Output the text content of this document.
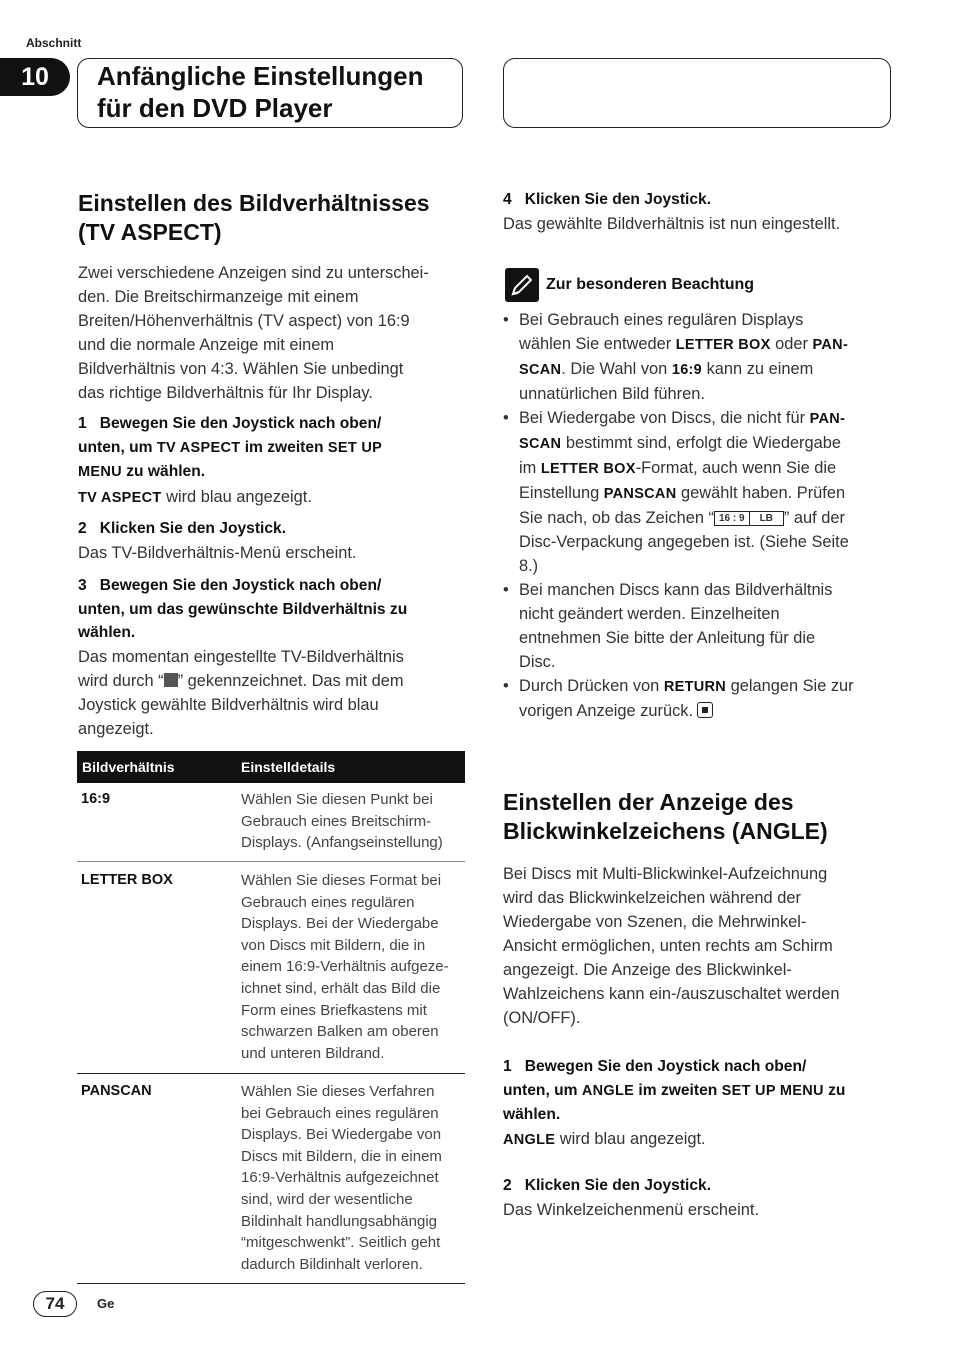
Abschnitt
10	Anfängliche Einstellungen
für den DVD Player
Einstellen des Bildverhältnisses
(TV ASPECT)
Zwei verschiedene Anzeigen sind zu unterschei-
den. Die Breitschirmanzeige mit einem
Breiten/Höhenverhältnis (TV aspect) von 16:9
und die normale Anzeige mit einem
Bildverhältnis von 4:3. Wählen Sie unbedingt
das richtige Bildverhältnis für Ihr Display.
1 Bewegen Sie den Joystick nach oben/
unten, um TV ASPECT im zweiten SET UP
MENU zu wählen.
TV ASPECT wird blau angezeigt.
2 Klicken Sie den Joystick.
Das TV-Bildverhältnis-Menü erscheint.
3 Bewegen Sie den Joystick nach oben/
unten, um das gewünschte Bildverhältnis zu
wählen.
Das momentan eingestellte TV-Bildverhältnis
wird durch “ ” gekennzeichnet. Das mit dem
Joystick gewählte Bildverhältnis wird blau
angezeigt.
Bildverhältnis	Einstelldetails
16:9	Wählen Sie diesen Punkt bei
Gebrauch eines Breitschirm-
Displays. (Anfangseinstellung)
LETTER BOX	Wählen Sie dieses Format bei
Gebrauch eines regulären
Displays. Bei der Wiedergabe
von Discs mit Bildern, die in
einem 16:9-Verhältnis aufgeze-
ichnet sind, erhält das Bild die
Form eines Briefkastens mit
schwarzen Balken am oberen
und unteren Bildrand.
PANSCAN	Wählen Sie dieses Verfahren
bei Gebrauch eines regulären
Displays. Bei Wiedergabe von
Discs mit Bildern, die in einem
16:9-Verhältnis aufgezeichnet
sind, wird der wesentliche
Bildinhalt handlungsabhängig
“mitgeschwenkt”. Seitlich geht
dadurch Bildinhalt verloren.
4 Klicken Sie den Joystick.
Das gewählte Bildverhältnis ist nun eingestellt.
Zur besonderen Beachtung
• Bei Gebrauch eines regulären Displays
wählen Sie entweder LETTER BOX oder PAN-
SCAN. Die Wahl von 16:9 kann zu einem
unnatürlichen Bild führen.
• Bei Wiedergabe von Discs, die nicht für PAN-
SCAN bestimmt sind, erfolgt die Wiedergabe
im LETTER BOX-Format, auch wenn Sie die
Einstellung PANSCAN gewählt haben. Prüfen
Sie nach, ob das Zeichen “ 16 : 9	LB ” auf der
Disc-Verpackung angegeben ist. (Siehe Seite
8.)
• Bei manchen Discs kann das Bildverhältnis
nicht geändert werden. Einzelheiten
entnehmen Sie bitte der Anleitung für die
Disc.
• Durch Drücken von RETURN gelangen Sie zur
vorigen Anzeige zurück.
Einstellen der Anzeige des
Blickwinkelzeichens (ANGLE)
Bei Discs mit Multi-Blickwinkel-Aufzeichnung
wird das Blickwinkelzeichen während der
Wiedergabe von Szenen, die Mehrwinkel-
Ansicht ermöglichen, unten rechts am Schirm
angezeigt. Die Anzeige des Blickwinkel-
Wahlzeichens kann ein-/auszuschaltet werden
(ON/OFF).
1 Bewegen Sie den Joystick nach oben/
unten, um ANGLE im zweiten SET UP MENU zu
wählen.
ANGLE wird blau angezeigt.
2 Klicken Sie den Joystick.
Das Winkelzeichenmenü erscheint.
74	Ge
